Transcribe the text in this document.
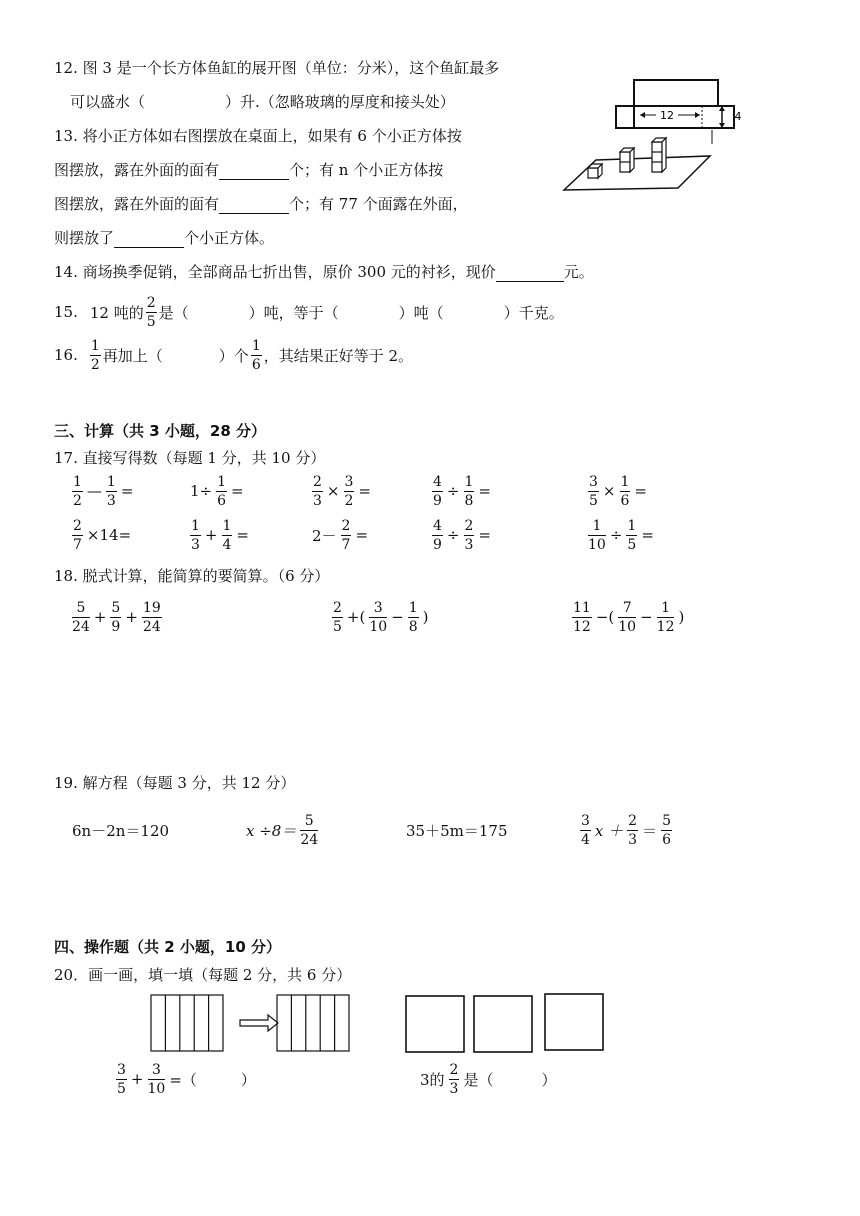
12. 图 3 是一个长方体鱼缸的展开图（单位：分米），这个鱼缸最多
可以盛水（	）升.（忽略玻璃的厚度和接头处）
12	4
13. 将小正方体如右图摆放在桌面上，如果有 6 个小正方体按
图摆放，露在外面的面有	个；有 n 个小正方体按
图摆放，露在外面的面有	个；有 77 个面露在外面，
则摆放了	个小正方体。
14. 商场换季促销，全部商品七折出售，原价 300 元的衬衫，现价	元。
15. 12 吨的 $\frac{2}{5}$ 是（	）吨，等于（	）吨（	）千克。
16. $\frac{1}{2}$ 再加上（	）个 $\frac{1}{6}$ ，其结果正好等于 2。
三、计算（共 3 小题，28 分）
17. 直接写得数（每题 1 分，共 10 分）
$\frac{1}{2}$ — $\frac{1}{3}$ =	$1\div \frac{1}{6}$ =	$\frac{2}{3} \times \frac{3}{2}$ =	$\frac{4}{9} \div \frac{1}{8}$ =	$\frac{3}{5} \times \frac{1}{6}$ =
$\frac{2}{7} \times 14=$	$\frac{1}{3} + \frac{1}{4}$ =	$2- \frac{2}{7}$ =	$\frac{4}{9} \div \frac{2}{3}$ =	$\frac{1}{10} \div \frac{1}{5}$ =
18. 脱式计算，能简算的要简算。（6 分）
$\frac{5}{24} + \frac{5}{9} + \frac{19}{24}$	$\frac{2}{5}$ +( $\frac{3}{10} - \frac{1}{8}$ )	$\frac{11}{12}$ −( $\frac{7}{10} - \frac{1}{12}$ )
19. 解方程（每题 3 分，共 12 分）
6n－2n＝120	$x \div 8= \frac{5}{24}$	35＋5m＝175	$\frac{3}{4}$ $x + \frac{2}{3} = \frac{5}{6}$
四、操作题（共 2 小题，10 分）
20．画一画，填一填（每题 2 分，共 6 分）
$\frac{3}{5} + \frac{3}{10}$ =（	）	3的 $\frac{2}{3}$ 是（	）
